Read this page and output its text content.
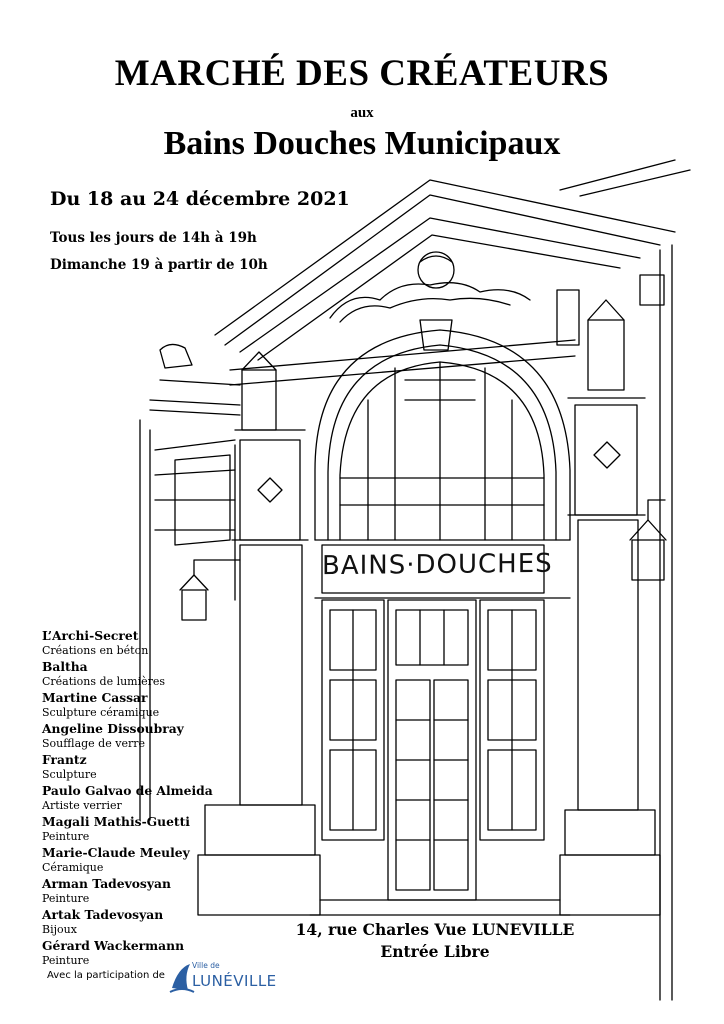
MARCHÉ DES CRÉATEURS
aux
Bains Douches Municipaux
Du 18 au 24 décembre 2021
Tous les jours de 14h à 19h
Dimanche 19 à partir de 10h
BAINS·DOUCHES
L’Archi-Secret
Créations en béton
Baltha
Créations de lumières
Martine Cassar
Sculpture céramique
Angeline Dissoubray
Soufflage de verre
Frantz
Sculpture
Paulo Galvao de Almeida
Artiste verrier
Magali Mathis-Guetti
Peinture
Marie-Claude Meuley
Céramique
Arman Tadevosyan
Peinture
Artak Tadevosyan
Bijoux
Gérard Wackermann
Peinture
14, rue Charles Vue LUNEVILLE
Entrée Libre
Avec la participation de
Ville de
LUNÉVILLE
